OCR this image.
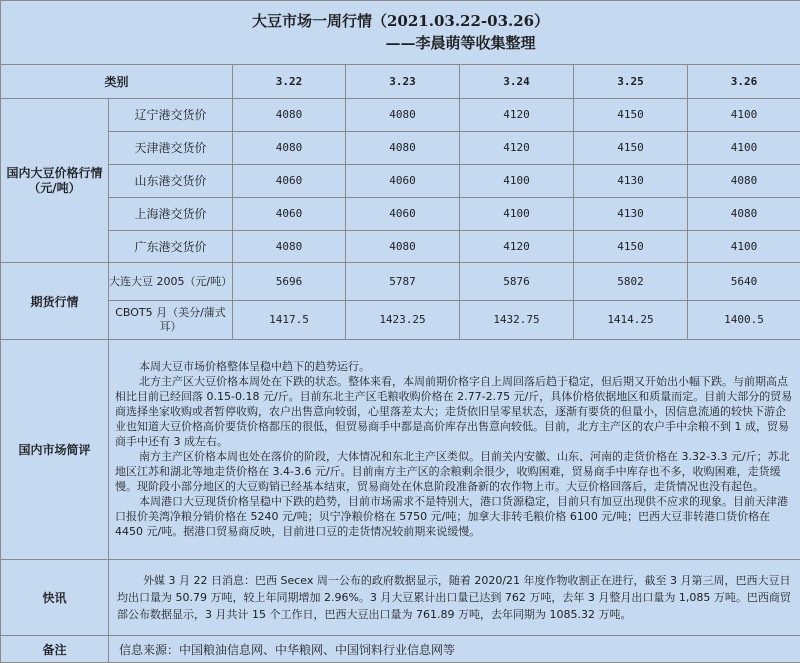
大豆市场一周行情（2021.03.22-03.26）
——李晨萌等收集整理						

类别		3.22	3.23	3.24	3.25	3.26
国内大豆价格行情（元/吨）	辽宁港交货价	4080	4080	4120	4150	4100
	天津港交货价	4080	4080	4120	4150	4100
	山东港交货价	4060	4060	4100	4130	4080
	上海港交货价	4060	4060	4100	4130	4080
	广东港交货价	4080	4080	4120	4150	4100
期货行情	大连大豆 2005（元/吨）	5696	5787	5876	5802	5640
	CBOT5 月（美分/蒲式耳）	1417.5	1423.25	1432.75	1414.25	1400.5
国内市场简评	本周大豆市场价格整体呈稳中趋下的趋势运行。

北方主产区大豆价格本周处在下跌的状态。整体来看，本周前期价格字自上周回落后趋于稳定，但后期又开始出小幅下跌。与前期高点相比目前已经回落 0.15-0.18 元/斤。目前东北主产区毛粮收购价格在 2.77-2.75 元/斤，具体价格依据地区和质量而定。目前大部分的贸易商选择坐家收购或者暂停收购，农户出售意向较弱，心里落差太大；走货依旧呈零星状态，逐渐有要货的但量小，因信息流通的较快下游企业也知道大豆价格高价要货价格都压的很低，但贸易商手中都是高价库存出售意向较低。目前，北方主产区的农户手中余粮不到 1 成，贸易商手中还有 3 成左右。

南方主产区价格本周也处在落价的阶段，大体情况和东北主产区类似。目前关内安徽、山东、河南的走货价格在 3.32-3.3 元/斤；苏北地区江苏和湖北等地走货价格在 3.4-3.6 元/斤。目前南方主产区的余粮剩余很少，收购困难，贸易商手中库存也不多，收购困难，走货缓慢。现阶段小部分地区的大豆购销已经基本结束，贸易商处在休息阶段准备新的农作物上市。大豆价格回落后，走货情况也没有起色。

本周港口大豆现货价格呈稳中下跌的趋势，目前市场需求不是特别大，港口货源稳定，目前只有加豆出现供不应求的现象。目前天津港口报价美湾净粮分销价格在 5240 元/吨；贝宁净粮价格在 5750 元/吨；加拿大非转毛粮价格 6100 元/吨；巴西大豆非转港口货价格在 4450 元/吨。据港口贸易商反映，目前进口豆的走货情况较前期来说缓慢。					

快讯	外媒 3 月 22 日消息：巴西 Secex 周一公布的政府数据显示，随着 2020/21 年度作物收割正在进行，截至 3 月第三周，巴西大豆日均出口量为 50.79 万吨，较上年同期增加 2.96%。3 月大豆累计出口量已达到 762 万吨，去年 3 月整月出口量为 1,085 万吨。巴西商贸部公布数据显示，3 月共计 15 个工作日，巴西大豆出口量为 761.89 万吨，去年同期为 1085.32 万吨。					
备注	信息来源：中国粮油信息网、中华粮网、中国饲料行业信息网等					
